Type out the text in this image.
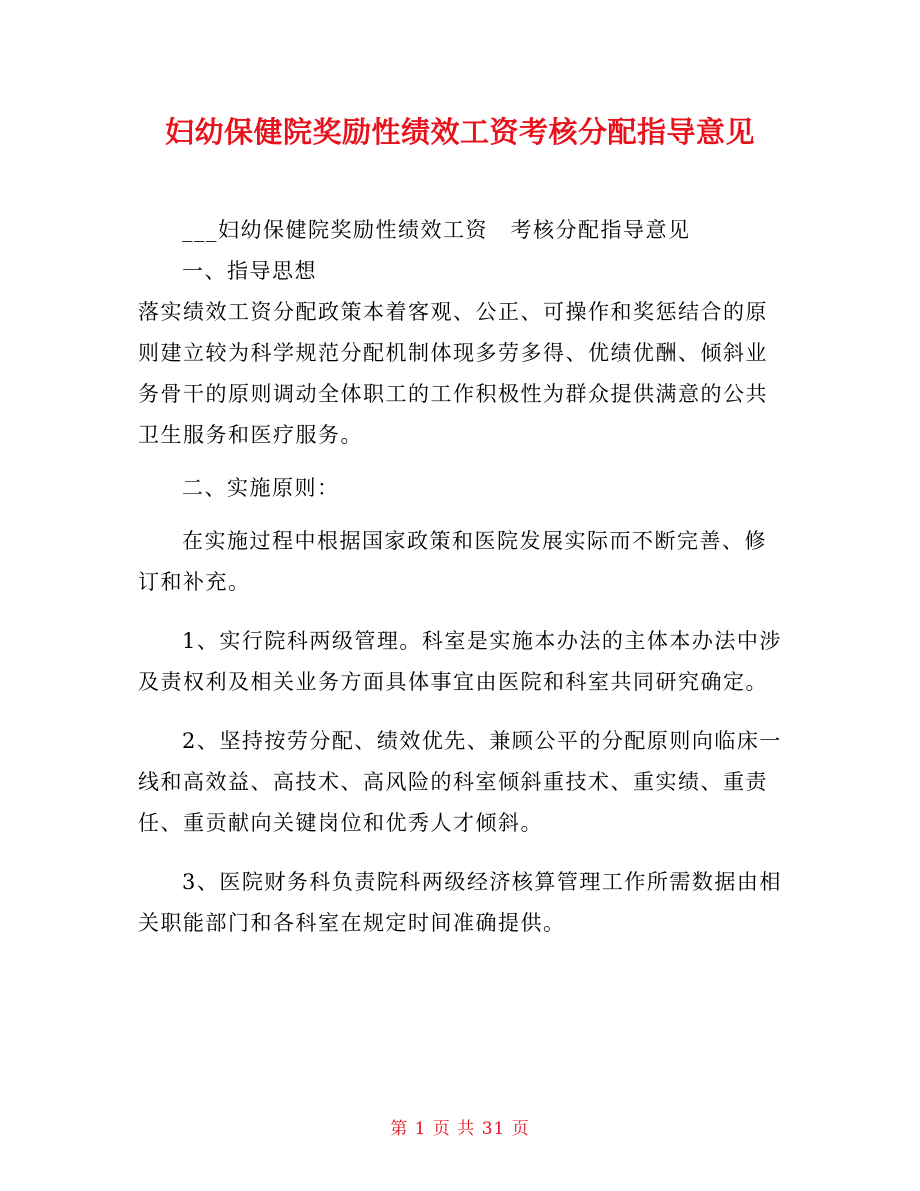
妇幼保健院奖励性绩效工资考核分配指导意见

___妇幼保健院奖励性绩效工资　考核分配指导意见

一、指导思想

落实绩效工资分配政策本着客观、公正、可操作和奖惩结合的原则建立较为科学规范分配机制体现多劳多得、优绩优酬、倾斜业务骨干的原则调动全体职工的工作积极性为群众提供满意的公共卫生服务和医疗服务。

二、实施原则：

在实施过程中根据国家政策和医院发展实际而不断完善、修订和补充。

1、实行院科两级管理。科室是实施本办法的主体本办法中涉及责权利及相关业务方面具体事宜由医院和科室共同研究确定。

2、坚持按劳分配、绩效优先、兼顾公平的分配原则向临床一线和高效益、高技术、高风险的科室倾斜重技术、重实绩、重责任、重贡献向关键岗位和优秀人才倾斜。

3、医院财务科负责院科两级经济核算管理工作所需数据由相关职能部门和各科室在规定时间准确提供。

第 1 页 共 31 页
